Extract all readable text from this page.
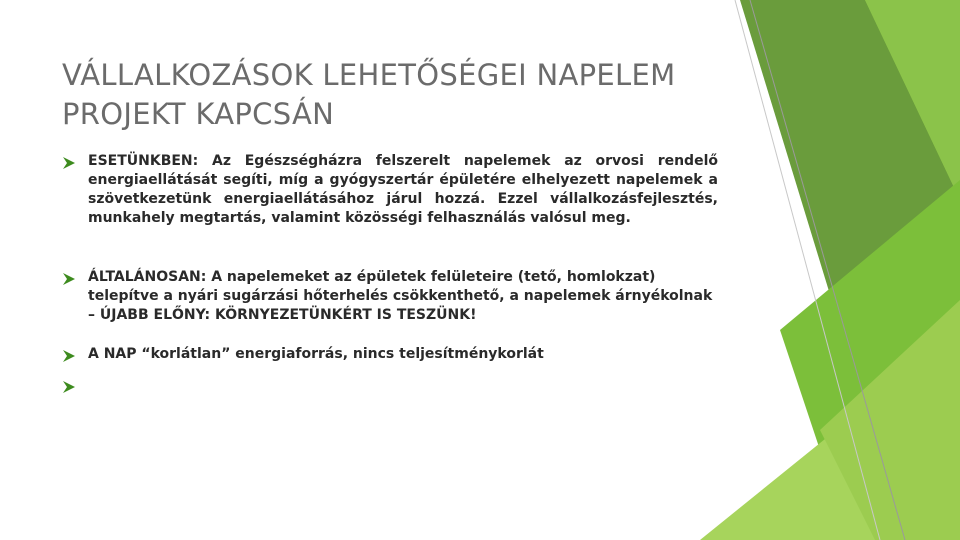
VÁLLALKOZÁSOK LEHETŐSÉGEI NAPELEM PROJEKT KAPCSÁN
ESETÜNKBEN: Az Egészségházra felszerelt napelemek az orvosi rendelő energiaellátását segíti, míg a gyógyszertár épületére elhelyezett napelemek a szövetkezetünk energiaellátásához járul hozzá. Ezzel vállalkozásfejlesztés, munkahely megtartás, valamint közösségi felhasználás valósul meg.
ÁLTALÁNOSAN: A napelemeket az épületek felületeire (tető, homlokzat) telepítve a nyári sugárzási hőterhelés csökkenthető, a napelemek árnyékolnak – ÚJABB ELŐNY: KÖRNYEZETÜNKÉRT IS TESZÜNK!
A NAP “korlátlan” energiaforrás, nincs teljesítménykorlát
